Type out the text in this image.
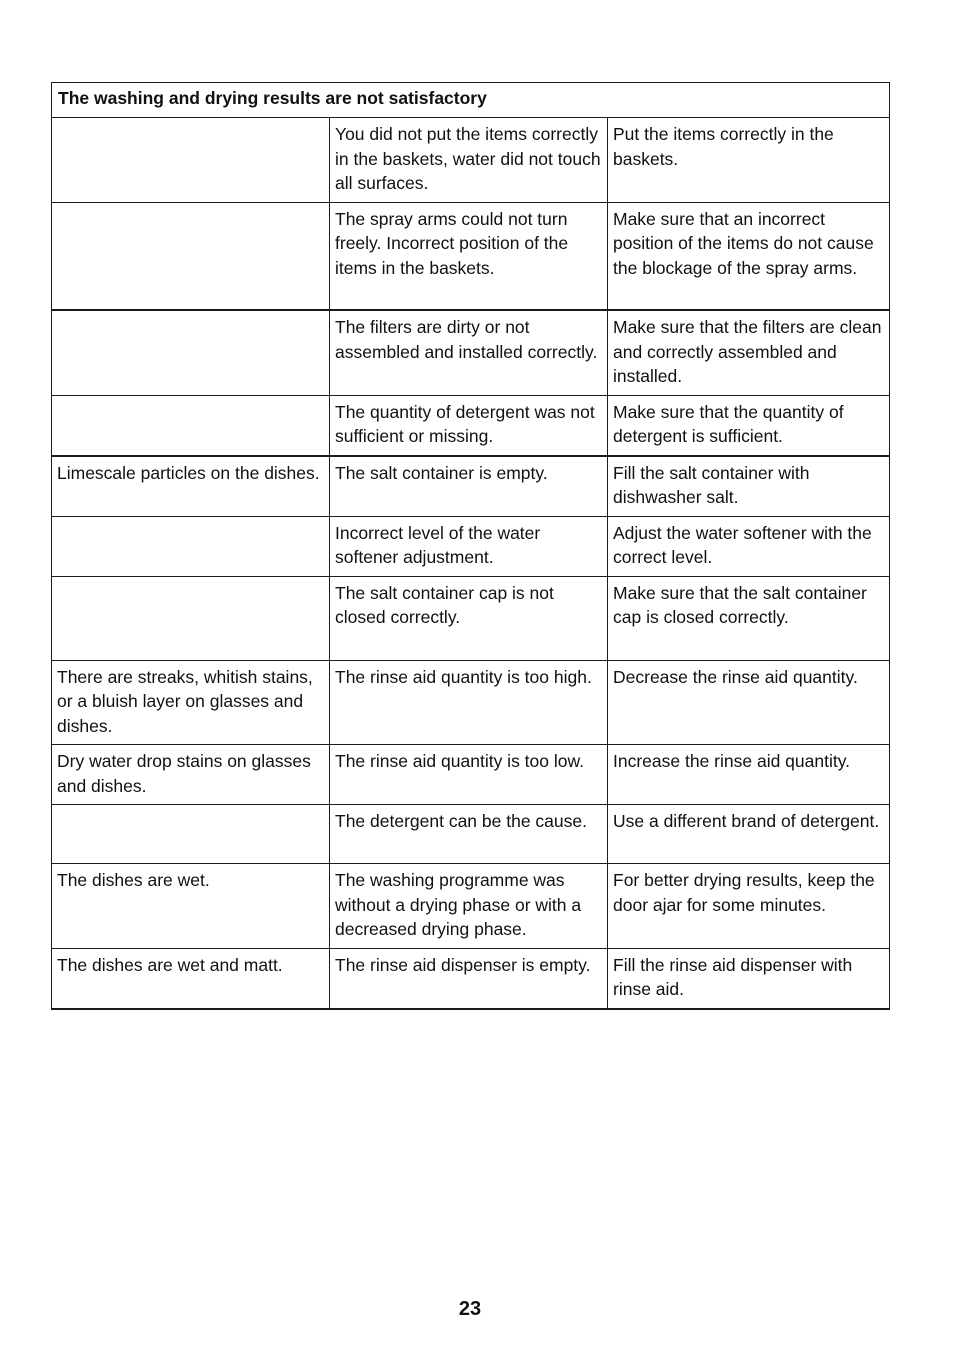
The washing and drying results are not satisfactory		
	You did not put the items correctly in the baskets, water did not touch all surfaces.	Put the items correctly in the baskets.
	The spray arms could not turn freely. Incorrect position of the items in the baskets.	Make sure that an incorrect position of the items do not cause the blockage of the spray arms.
	The filters are dirty or not assembled and installed correctly.	Make sure that the filters are clean and correctly assembled and installed.
	The quantity of detergent was not sufficient or missing.	Make sure that the quantity of detergent is sufficient.
Limescale particles on the dishes.	The salt container is empty.	Fill the salt container with dishwasher salt.
	Incorrect level of the water softener adjustment.	Adjust the water softener with the correct level.
	The salt container cap is not closed correctly.	Make sure that the salt container cap is closed correctly.
There are streaks, whitish stains, or a bluish layer on glasses and dishes.	The rinse aid quantity is too high.	Decrease the rinse aid quantity.
Dry water drop stains on glasses and dishes.	The rinse aid quantity is too low.	Increase the rinse aid quantity.
	The detergent can be the cause.	Use a different brand of detergent.
The dishes are wet.	The washing programme was without a drying phase or with a decreased drying phase.	For better drying results, keep the door ajar for some minutes.
The dishes are wet and matt.	The rinse aid dispenser is empty.	Fill the rinse aid dispenser with rinse aid.
23
